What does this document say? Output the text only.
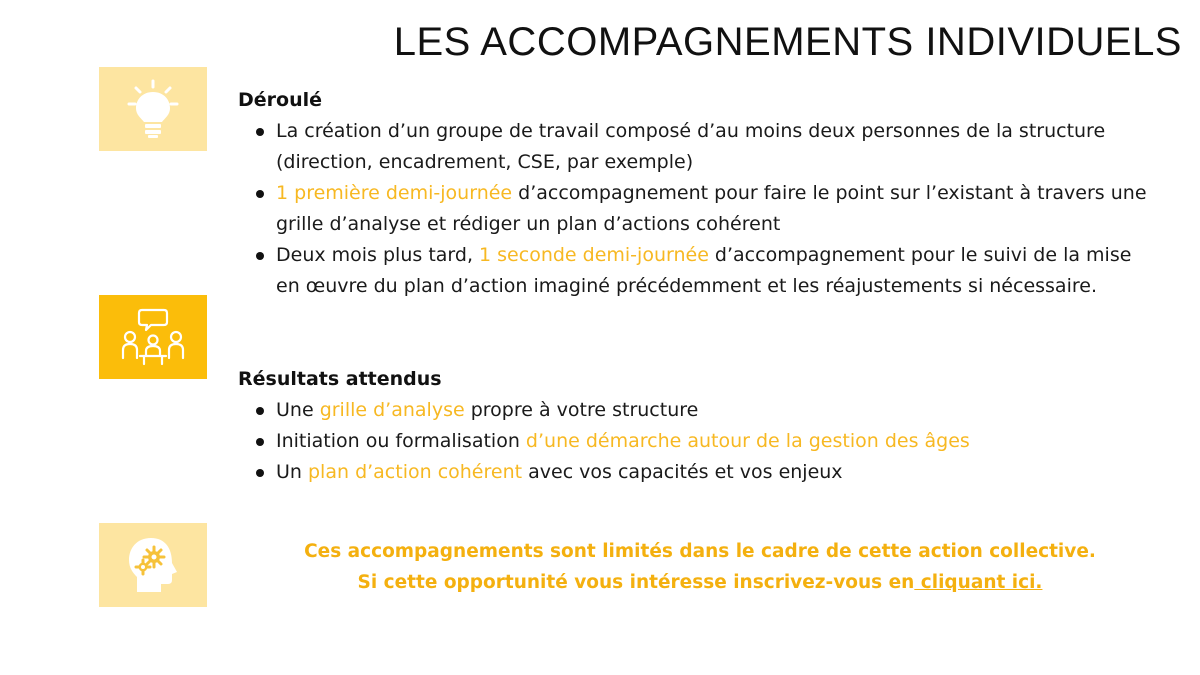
LES ACCOMPAGNEMENTS INDIVIDUELS
Déroulé
La création d’un groupe de travail composé d’au moins deux personnes de la structure (direction, encadrement, CSE, par exemple)
1 première demi-journée d’accompagnement pour faire le point sur l’existant à travers une grille d’analyse et rédiger un plan d’actions cohérent
Deux mois plus tard, 1 seconde demi-journée d’accompagnement pour le suivi de la mise en œuvre du plan d’action imaginé précédemment et les réajustements si nécessaire.
Résultats attendus
Une grille d’analyse propre à votre structure
Initiation ou formalisation d’une démarche autour de la gestion des âges
Un plan d’action cohérent avec vos capacités et vos enjeux
Ces accompagnements sont limités dans le cadre de cette action collective.
Si cette opportunité vous intéresse inscrivez-vous en cliquant ici.
